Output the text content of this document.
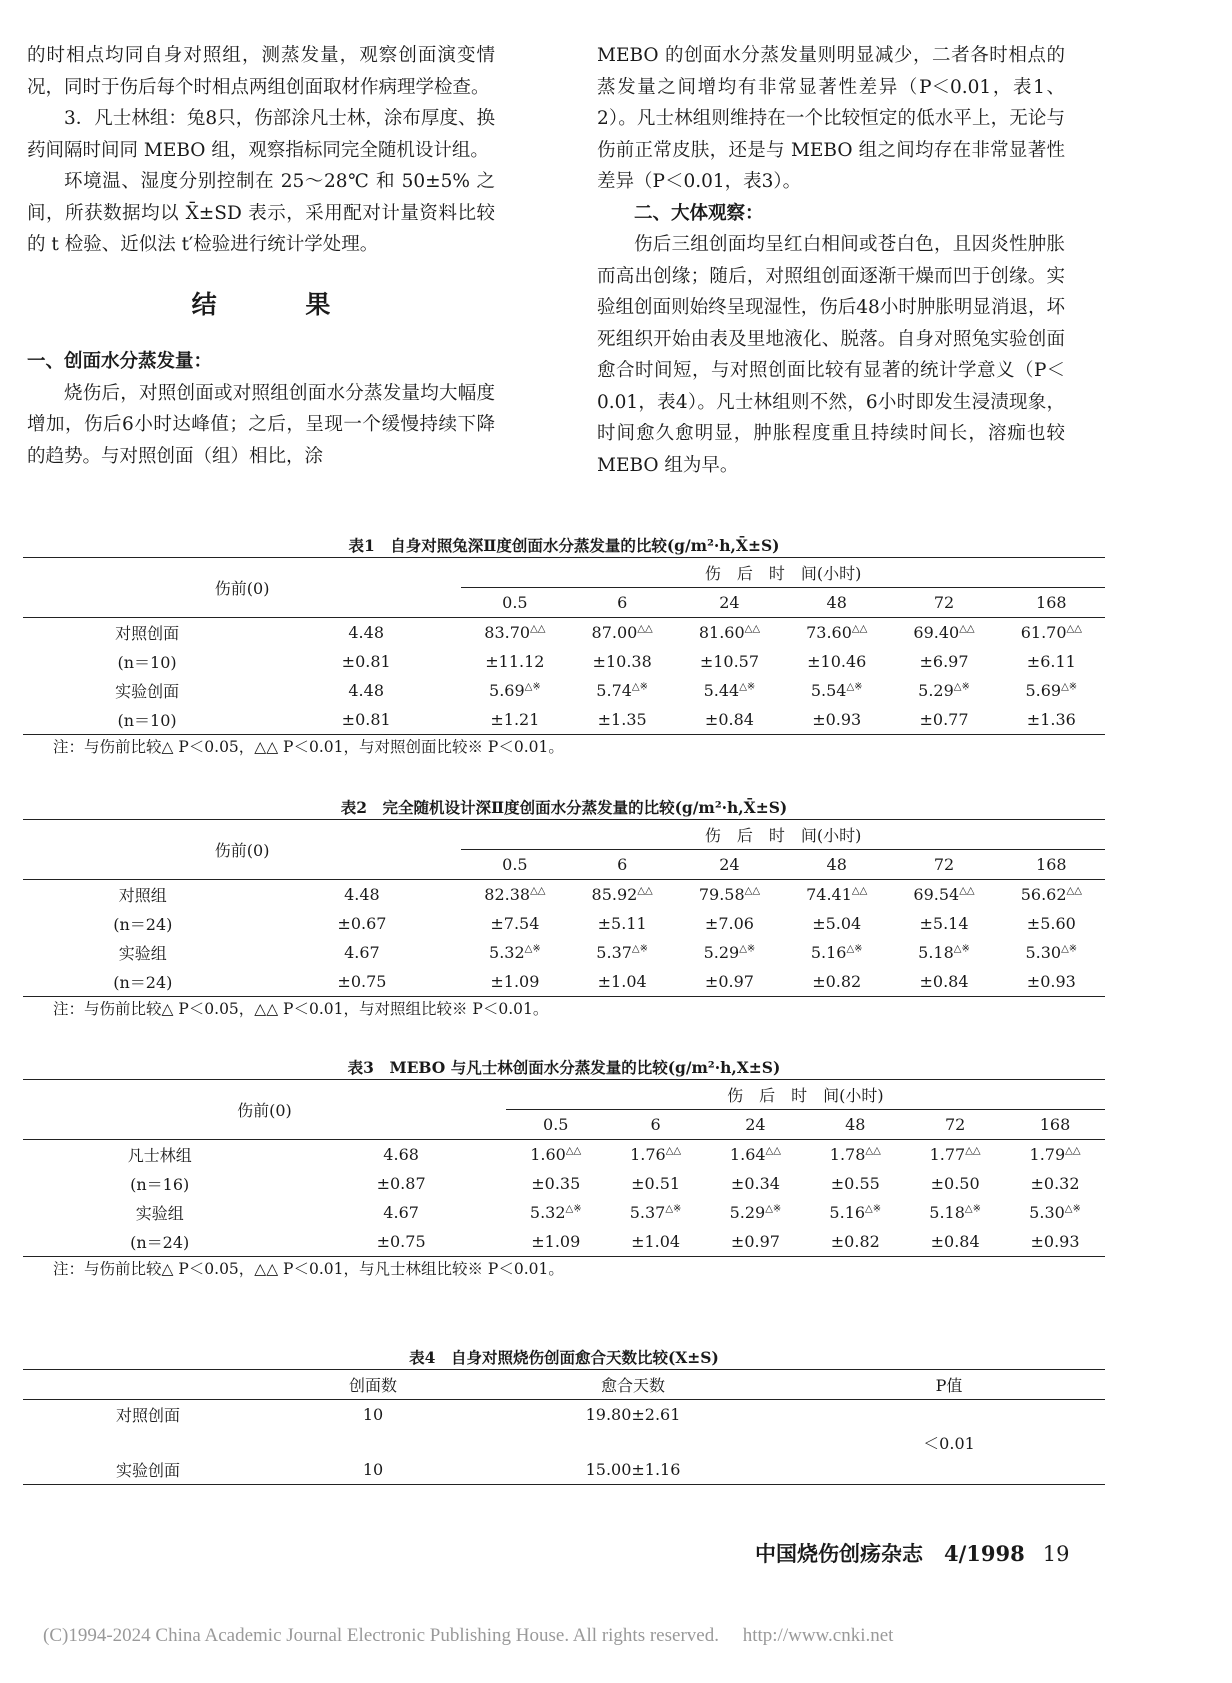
的时相点均同自身对照组，测蒸发量，观察创面演变情况，同时于伤后每个时相点两组创面取材作病理学检查。

3．凡士林组：兔8只，伤部涂凡士林，涂布厚度、换药间隔时间同 MEBO 组，观察指标同完全随机设计组。

环境温、湿度分别控制在 25～28℃ 和 50±5% 之间，所获数据均以 X̄±SD 表示，采用配对计量资料比较的 t 检验、近似法 t′检验进行统计学处理。

结 果

一、创面水分蒸发量：

烧伤后，对照创面或对照组创面水分蒸发量均大幅度增加，伤后6小时达峰值；之后，呈现一个缓慢持续下降的趋势。与对照创面（组）相比，涂

MEBO 的创面水分蒸发量则明显减少，二者各时相点的蒸发量之间增均有非常显著性差异（P＜0.01，表1、2）。凡士林组则维持在一个比较恒定的低水平上，无论与伤前正常皮肤，还是与 MEBO 组之间均存在非常显著性差异（P＜0.01，表3）。

二、大体观察：

伤后三组创面均呈红白相间或苍白色，且因炎性肿胀而高出创缘；随后，对照组创面逐渐干燥而凹于创缘。实验组创面则始终呈现湿性，伤后48小时肿胀明显消退，坏死组织开始由表及里地液化、脱落。自身对照兔实验创面愈合时间短，与对照创面比较有显著的统计学意义（P＜0.01，表4）。凡士林组则不然，6小时即发生浸渍现象，时间愈久愈明显，肿胀程度重且持续时间长，溶痂也较 MEBO 组为早。

表1　自身对照兔深Ⅱ度创面水分蒸发量的比较(g/m²·h,X̄±S)
伤前(0)		伤　后　时　间(小时)					
		0.5	6	24	48	72	168
对照创面	4.48	83.70△△	87.00△△	81.60△△	73.60△△	69.40△△	61.70△△
(n＝10)	±0.81	±11.12	±10.38	±10.57	±10.46	±6.97	±6.11
实验创面	4.48	5.69△※	5.74△※	5.44△※	5.54△※	5.29△※	5.69△※
(n＝10)	±0.81	±1.21	±1.35	±0.84	±0.93	±0.77	±1.36
注：与伤前比较△ P＜0.05，△△ P＜0.01，与对照创面比较※ P＜0.01。
表2　完全随机设计深Ⅱ度创面水分蒸发量的比较(g/m²·h,X̄±S)
伤前(0)		伤　后　时　间(小时)					
		0.5	6	24	48	72	168
对照组	4.48	82.38△△	85.92△△	79.58△△	74.41△△	69.54△△	56.62△△
(n＝24)	±0.67	±7.54	±5.11	±7.06	±5.04	±5.14	±5.60
实验组	4.67	5.32△※	5.37△※	5.29△※	5.16△※	5.18△※	5.30△※
(n＝24)	±0.75	±1.09	±1.04	±0.97	±0.82	±0.84	±0.93
注：与伤前比较△ P＜0.05，△△ P＜0.01，与对照组比较※ P＜0.01。
表3　MEBO 与凡士林创面水分蒸发量的比较(g/m²·h,X±S)
伤前(0)		伤　后　时　间(小时)					
		0.5	6	24	48	72	168
凡士林组	4.68	1.60△△	1.76△△	1.64△△	1.78△△	1.77△△	1.79△△
(n＝16)	±0.87	±0.35	±0.51	±0.34	±0.55	±0.50	±0.32
实验组	4.67	5.32△※	5.37△※	5.29△※	5.16△※	5.18△※	5.30△※
(n＝24)	±0.75	±1.09	±1.04	±0.97	±0.82	±0.84	±0.93
注：与伤前比较△ P＜0.05，△△ P＜0.01，与凡士林组比较※ P＜0.01。
表4　自身对照烧伤创面愈合天数比较(X±S)
	创面数	愈合天数	P值
对照创面	10	19.80±2.61	＜0.01

实验创面	10	15.00±1.16	
中国烧伤创疡杂志　4/1998 19
(C)1994-2024 China Academic Journal Electronic Publishing House. All rights reserved.　 http://www.cnki.net
